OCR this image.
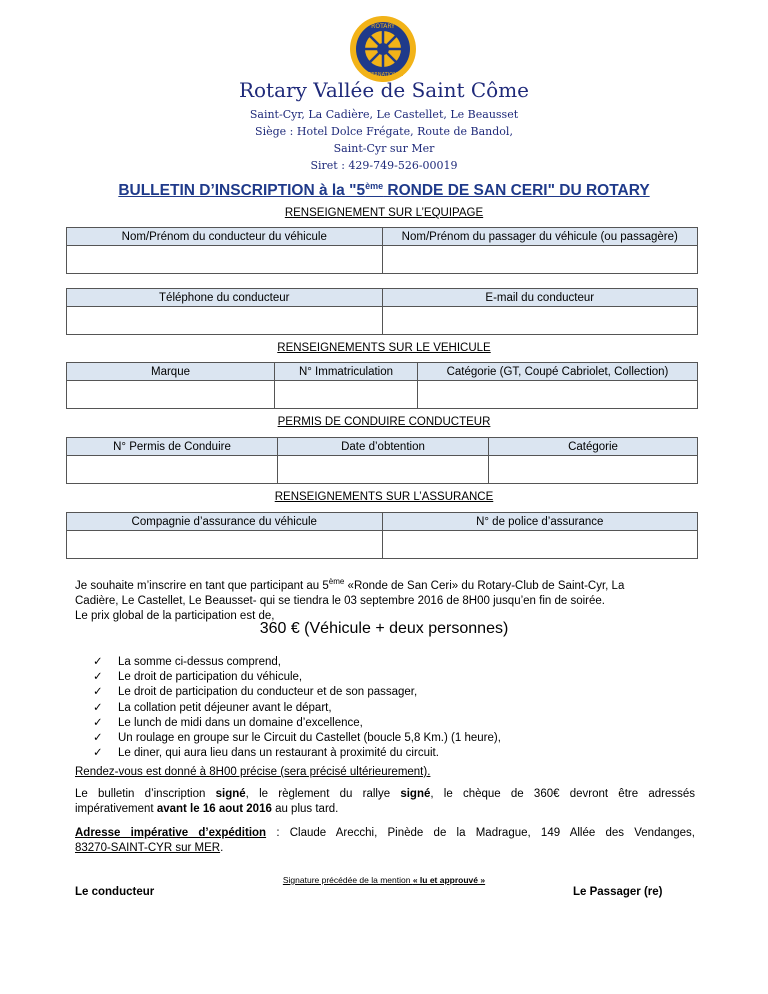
ROTARY
INTERNATIONAL
Rotary Vallée de Saint Côme
Saint-Cyr, La Cadière, Le Castellet, Le Beausset
Siège : Hotel Dolce Frégate, Route de Bandol,
Saint-Cyr sur Mer
Siret : 429-749-526-00019
BULLETIN D’INSCRIPTION à la "5ème RONDE DE SAN CERI" DU ROTARY
RENSEIGNEMENT SUR L’EQUIPAGE
Nom/Prénom du conducteur du véhicule	Nom/Prénom du passager du véhicule (ou passagère)

Téléphone du conducteur	E-mail du conducteur

RENSEIGNEMENTS SUR LE VEHICULE
Marque	N° Immatriculation	Catégorie (GT, Coupé Cabriolet, Collection)

PERMIS DE CONDUIRE CONDUCTEUR
N° Permis de Conduire	Date d’obtention	Catégorie

RENSEIGNEMENTS SUR L’ASSURANCE
Compagnie d’assurance du véhicule	N° de police d’assurance

Je souhaite m’inscrire en tant que participant au 5ème «Ronde de San Ceri» du Rotary-Club de Saint-Cyr, La
Cadière, Le Castellet, Le Beausset- qui se tiendra le 03 septembre 2016 de 8H00 jusqu’en fin de soirée.
Le prix global de la participation est de,
360 € (Véhicule + deux personnes)
✓ La somme ci-dessus comprend,
✓ Le droit de participation du véhicule,
✓ Le droit de participation du conducteur et de son passager,
✓ La collation petit déjeuner avant le départ,
✓ Le lunch de midi dans un domaine d’excellence,
✓ Un roulage en groupe sur le Circuit du Castellet (boucle 5,8 Km.) (1 heure),
✓ Le diner, qui aura lieu dans un restaurant à proximité du circuit.
Rendez-vous est donné à 8H00 précise (sera précisé ultérieurement).
Le bulletin d’inscription signé, le règlement du rallye signé, le chèque de 360€ devront être adressés
impérativement avant le 16 aout 2016 au plus tard.
Adresse impérative d’expédition : Claude Arecchi, Pinède de la Madrague, 149 Allée des Vendanges,
83270-SAINT-CYR sur MER.
Signature précédée de la mention « lu et approuvé »
Le conducteur	Le Passager (re)
